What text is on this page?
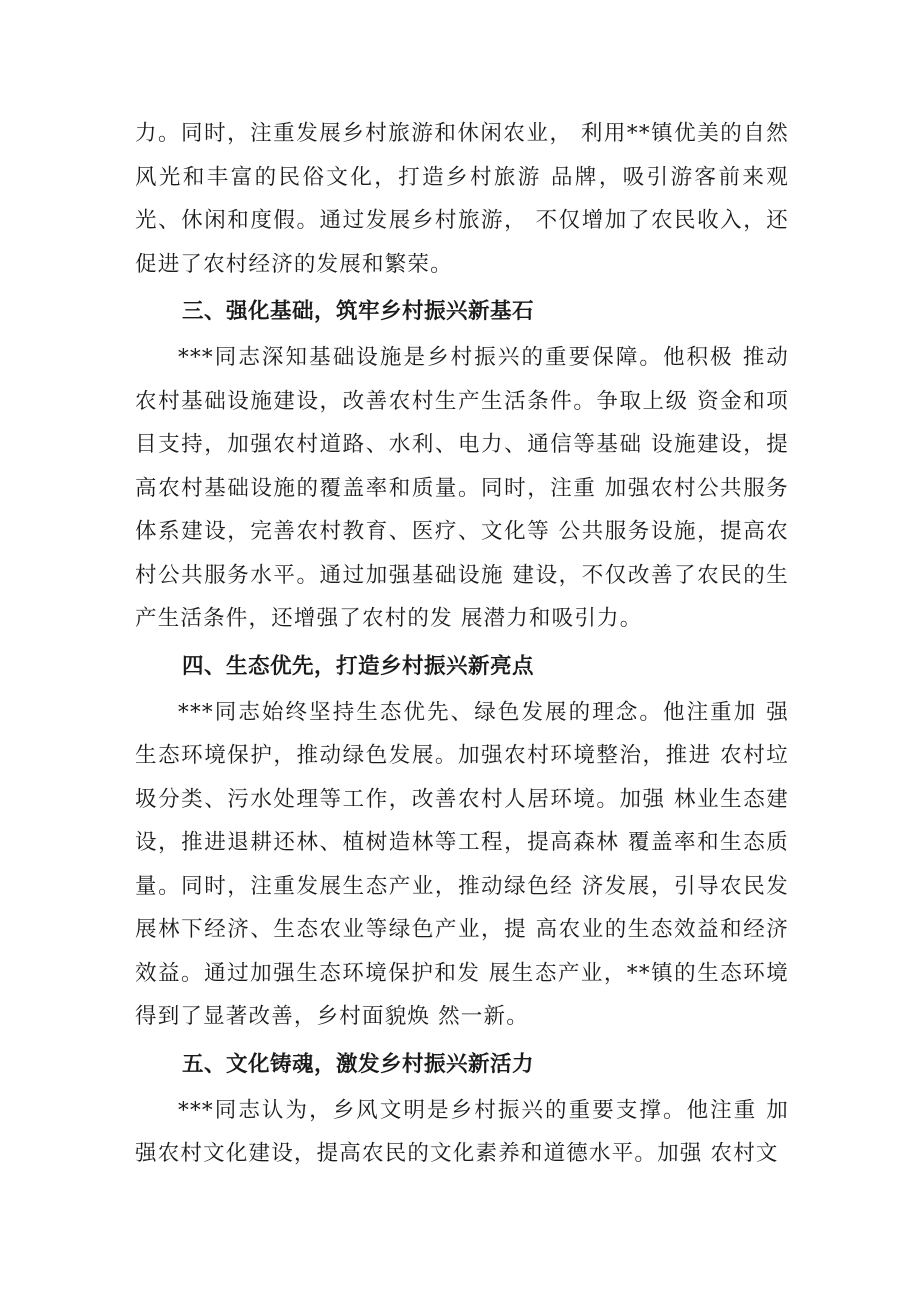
力。同时，注重发展乡村旅游和休闲农业， 利用**镇优美的自然风光和丰富的民俗文化，打造乡村旅游 品牌，吸引游客前来观光、休闲和度假。通过发展乡村旅游， 不仅增加了农民收入，还促进了农村经济的发展和繁荣。

三、强化基础，筑牢乡村振兴新基石

***同志深知基础设施是乡村振兴的重要保障。他积极 推动农村基础设施建设，改善农村生产生活条件。争取上级 资金和项目支持，加强农村道路、水利、电力、通信等基础 设施建设，提高农村基础设施的覆盖率和质量。同时，注重 加强农村公共服务体系建设，完善农村教育、医疗、文化等 公共服务设施，提高农村公共服务水平。通过加强基础设施 建设，不仅改善了农民的生产生活条件，还增强了农村的发 展潜力和吸引力。

四、生态优先，打造乡村振兴新亮点

***同志始终坚持生态优先、绿色发展的理念。他注重加 强生态环境保护，推动绿色发展。加强农村环境整治，推进 农村垃圾分类、污水处理等工作，改善农村人居环境。加强 林业生态建设，推进退耕还林、植树造林等工程，提高森林 覆盖率和生态质量。同时，注重发展生态产业，推动绿色经 济发展，引导农民发展林下经济、生态农业等绿色产业，提 高农业的生态效益和经济效益。通过加强生态环境保护和发 展生态产业，**镇的生态环境得到了显著改善，乡村面貌焕 然一新。

五、文化铸魂，激发乡村振兴新活力

***同志认为，乡风文明是乡村振兴的重要支撑。他注重 加强农村文化建设，提高农民的文化素养和道德水平。加强 农村文
